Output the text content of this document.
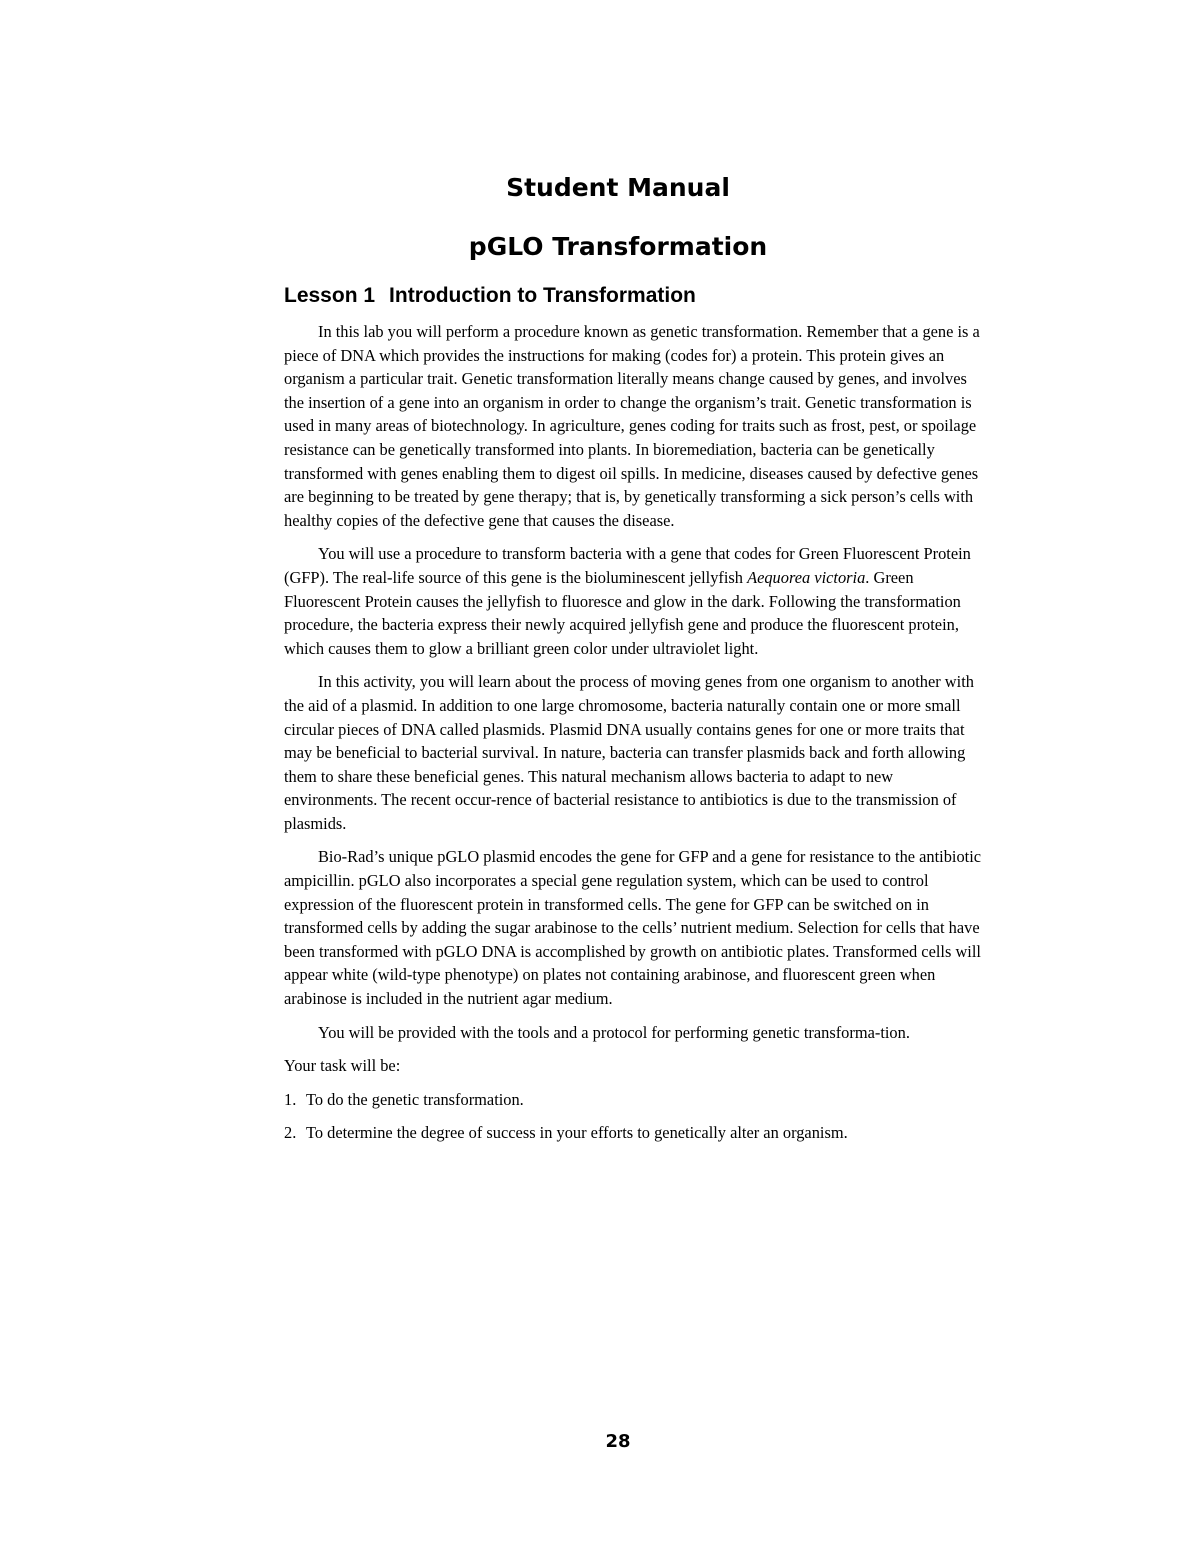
Student Manual
pGLO Transformation
Lesson 1 Introduction to Transformation

In this lab you will perform a procedure known as genetic transformation. Remember that a gene is a piece of DNA which provides the instructions for making (codes for) a protein. This protein gives an organism a particular trait. Genetic transformation literally means change caused by genes, and involves the insertion of a gene into an organism in order to change the organism’s trait. Genetic transformation is used in many areas of biotechnology. In agriculture, genes coding for traits such as frost, pest, or spoilage resistance can be genetically transformed into plants. In bioremediation, bacteria can be genetically transformed with genes enabling them to digest oil spills. In medicine, diseases caused by defective genes are beginning to be treated by gene therapy; that is, by genetically transforming a sick person’s cells with healthy copies of the defective gene that causes the disease.

You will use a procedure to transform bacteria with a gene that codes for Green Fluorescent Protein (GFP). The real-life source of this gene is the bioluminescent jellyfish Aequorea victoria. Green Fluorescent Protein causes the jellyfish to fluoresce and glow in the dark. Following the transformation procedure, the bacteria express their newly acquired jellyfish gene and produce the fluorescent protein, which causes them to glow a brilliant green color under ultraviolet light.

In this activity, you will learn about the process of moving genes from one organism to another with the aid of a plasmid. In addition to one large chromosome, bacteria naturally contain one or more small circular pieces of DNA called plasmids. Plasmid DNA usually contains genes for one or more traits that may be beneficial to bacterial survival. In nature, bacteria can transfer plasmids back and forth allowing them to share these beneficial genes. This natural mechanism allows bacteria to adapt to new environments. The recent occur-rence of bacterial resistance to antibiotics is due to the transmission of plasmids.

Bio-Rad’s unique pGLO plasmid encodes the gene for GFP and a gene for resistance to the antibiotic ampicillin. pGLO also incorporates a special gene regulation system, which can be used to control expression of the fluorescent protein in transformed cells. The gene for GFP can be switched on in transformed cells by adding the sugar arabinose to the cells’ nutrient medium. Selection for cells that have been transformed with pGLO DNA is accomplished by growth on antibiotic plates. Transformed cells will appear white (wild-type phenotype) on plates not containing arabinose, and fluorescent green when arabinose is included in the nutrient agar medium.

You will be provided with the tools and a protocol for performing genetic transforma-tion.

Your task will be:

1. To do the genetic transformation.
2. To determine the degree of success in your efforts to genetically alter an organism.

28
